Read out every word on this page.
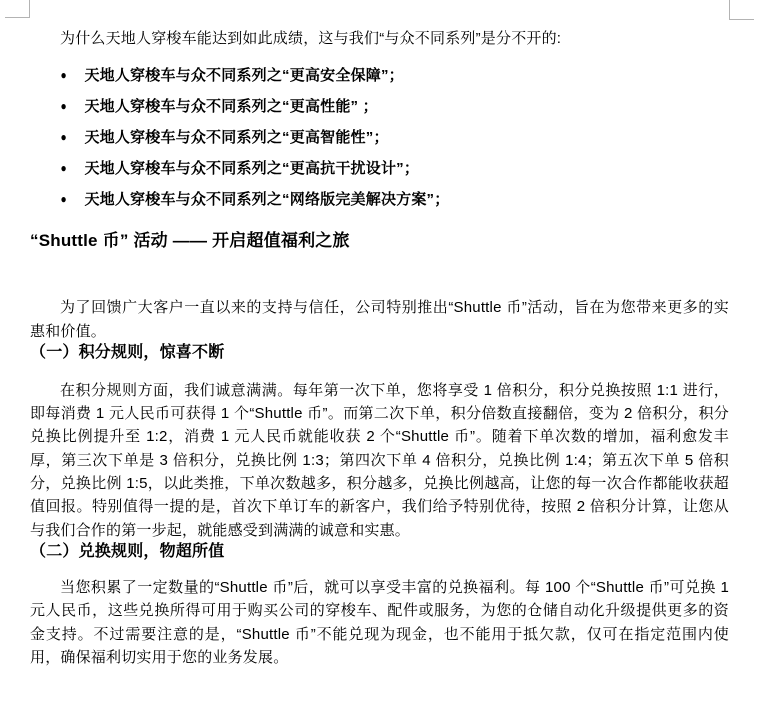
为什么天地人穿梭车能达到如此成绩，这与我们“与众不同系列”是分不开的:

● 天地人穿梭车与众不同系列之“更高安全保障”；
● 天地人穿梭车与众不同系列之“更高性能” ；
● 天地人穿梭车与众不同系列之“更高智能性”；
● 天地人穿梭车与众不同系列之“更高抗干扰设计”；
● 天地人穿梭车与众不同系列之“网络版完美解决方案”；
“Shuttle 币” 活动 —— 开启超值福利之旅

为了回馈广大客户一直以来的支持与信任，公司特别推出“Shuttle 币”活动，旨在为您带来更多的实惠和价值。

（一）积分规则，惊喜不断

在积分规则方面，我们诚意满满。每年第一次下单，您将享受 1 倍积分，积分兑换按照 1:1 进行，即每消费 1 元人民币可获得 1 个“Shuttle 币”。而第二次下单，积分倍数直接翻倍，变为 2 倍积分，积分兑换比例提升至 1:2，消费 1 元人民币就能收获 2 个“Shuttle 币”。随着下单次数的增加，福利愈发丰厚，第三次下单是 3 倍积分，兑换比例 1:3；第四次下单 4 倍积分，兑换比例 1:4；第五次下单 5 倍积分，兑换比例 1:5，以此类推，下单次数越多，积分越多，兑换比例越高，让您的每一次合作都能收获超值回报。特别值得一提的是，首次下单订车的新客户，我们给予特别优待，按照 2 倍积分计算，让您从与我们合作的第一步起，就能感受到满满的诚意和实惠。

（二）兑换规则，物超所值

当您积累了一定数量的“Shuttle 币”后，就可以享受丰富的兑换福利。每 100 个“Shuttle 币”可兑换 1 元人民币，这些兑换所得可用于购买公司的穿梭车、配件或服务，为您的仓储自动化升级提供更多的资金支持。不过需要注意的是，“Shuttle 币”不能兑现为现金，也不能用于抵欠款，仅可在指定范围内使用，确保福利切实用于您的业务发展。
